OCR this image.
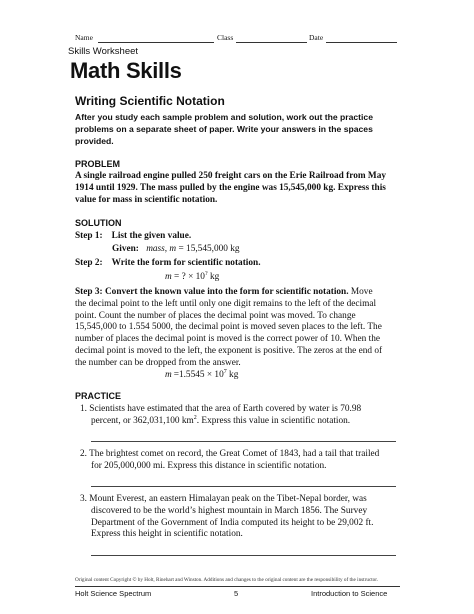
Name	Class	Date
Skills Worksheet
Math Skills
Writing Scientific Notation
After you study each sample problem and solution, work out the practice
problems on a separate sheet of paper. Write your answers in the spaces
provided.
PROBLEM
A single railroad engine pulled 250 freight cars on the Erie Railroad from May
1914 until 1929. The mass pulled by the engine was 15,545,000 kg. Express this
value for mass in scientific notation.
SOLUTION
Step 1: List the given value.
Given: mass, m = 15,545,000 kg
Step 2: Write the form for scientific notation.
m = ? × 10? kg
Step 3: Convert the known value into the form for scientific notation. Move
the decimal point to the left until only one digit remains to the left of the decimal
point. Count the number of places the decimal point was moved. To change
15,545,000 to 1.554 5000, the decimal point is moved seven places to the left. The
number of places the decimal point is moved is the correct power of 10. When the
decimal point is moved to the left, the exponent is positive. The zeros at the end of
the number can be dropped from the answer.
$m =1.5545 \times 10^7$ kg
PRACTICE
1. Scientists have estimated that the area of Earth covered by water is 70.98
percent, or 362,031,100 $km^2$. Express this value in scientific notation.
2. The brightest comet on record, the Great Comet of 1843, had a tail that trailed
for 205,000,000 mi. Express this distance in scientific notation.
3. Mount Everest, an eastern Himalayan peak on the Tibet-Nepal border, was
discovered to be the world’s highest mountain in March 1856. The Survey
Department of the Government of India computed its height to be 29,002 ft.
Express this height in scientific notation.
Original content Copyright © by Holt, Rinehart and Winston. Additions and changes to the original content are the responsibility of the instructor.
Holt Science Spectrum	5	Introduction to Science
